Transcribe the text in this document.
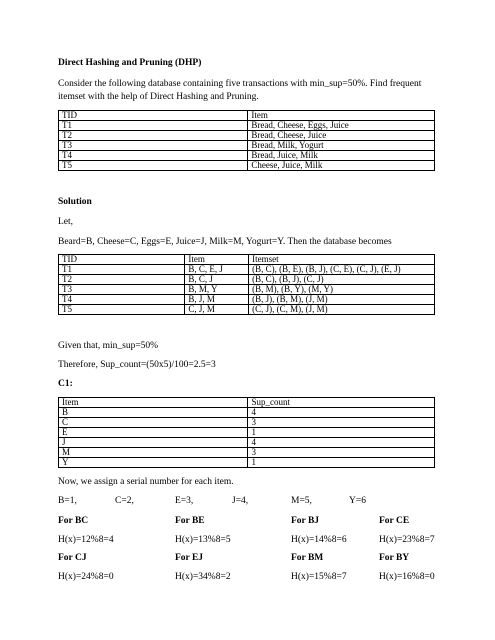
Direct Hashing and Pruning (DHP)
Consider the following database containing five transactions with min_sup=50%. Find frequent
itemset with the help of Direct Hashing and Pruning.
TID	Item
T1	Bread, Cheese, Eggs, Juice
T2	Bread, Cheese, Juice
T3	Bread, Milk, Yogurt
T4	Bread, Juice, Milk
T5	Cheese, Juice, Milk
Solution
Let,
Beard=B, Cheese=C, Eggs=E, Juice=J, Milk=M, Yogurt=Y. Then the database becomes
TID	Item	Itemset
T1	B, C, E, J	(B, C), (B, E), (B, J), (C, E), (C, J), (E, J)
T2	B, C, J	(B, C), (B, J), (C, J)
T3	B, M, Y	(B, M), (B, Y), (M, Y)
T4	B, J, M	(B, J), (B, M), (J, M)
T5	C, J, M	(C, J), (C, M), (J, M)
Given that, min_sup=50%
Therefore, Sup_count=(50x5)/100=2.5=3
C1:
Item	Sup_count
B	4
C	3
E	1
J	4
M	3
Y	1
Now, we assign a serial number for each item.
B=1,	C=2,	E=3,	J=4,	M=5,	Y=6
For BC	For BE	For BJ	For CE
H(x)=12%8=4	H(x)=13%8=5	H(x)=14%8=6	H(x)=23%8=7
For CJ	For EJ	For BM	For BY
H(x)=24%8=0	H(x)=34%8=2	H(x)=15%8=7	H(x)=16%8=0
